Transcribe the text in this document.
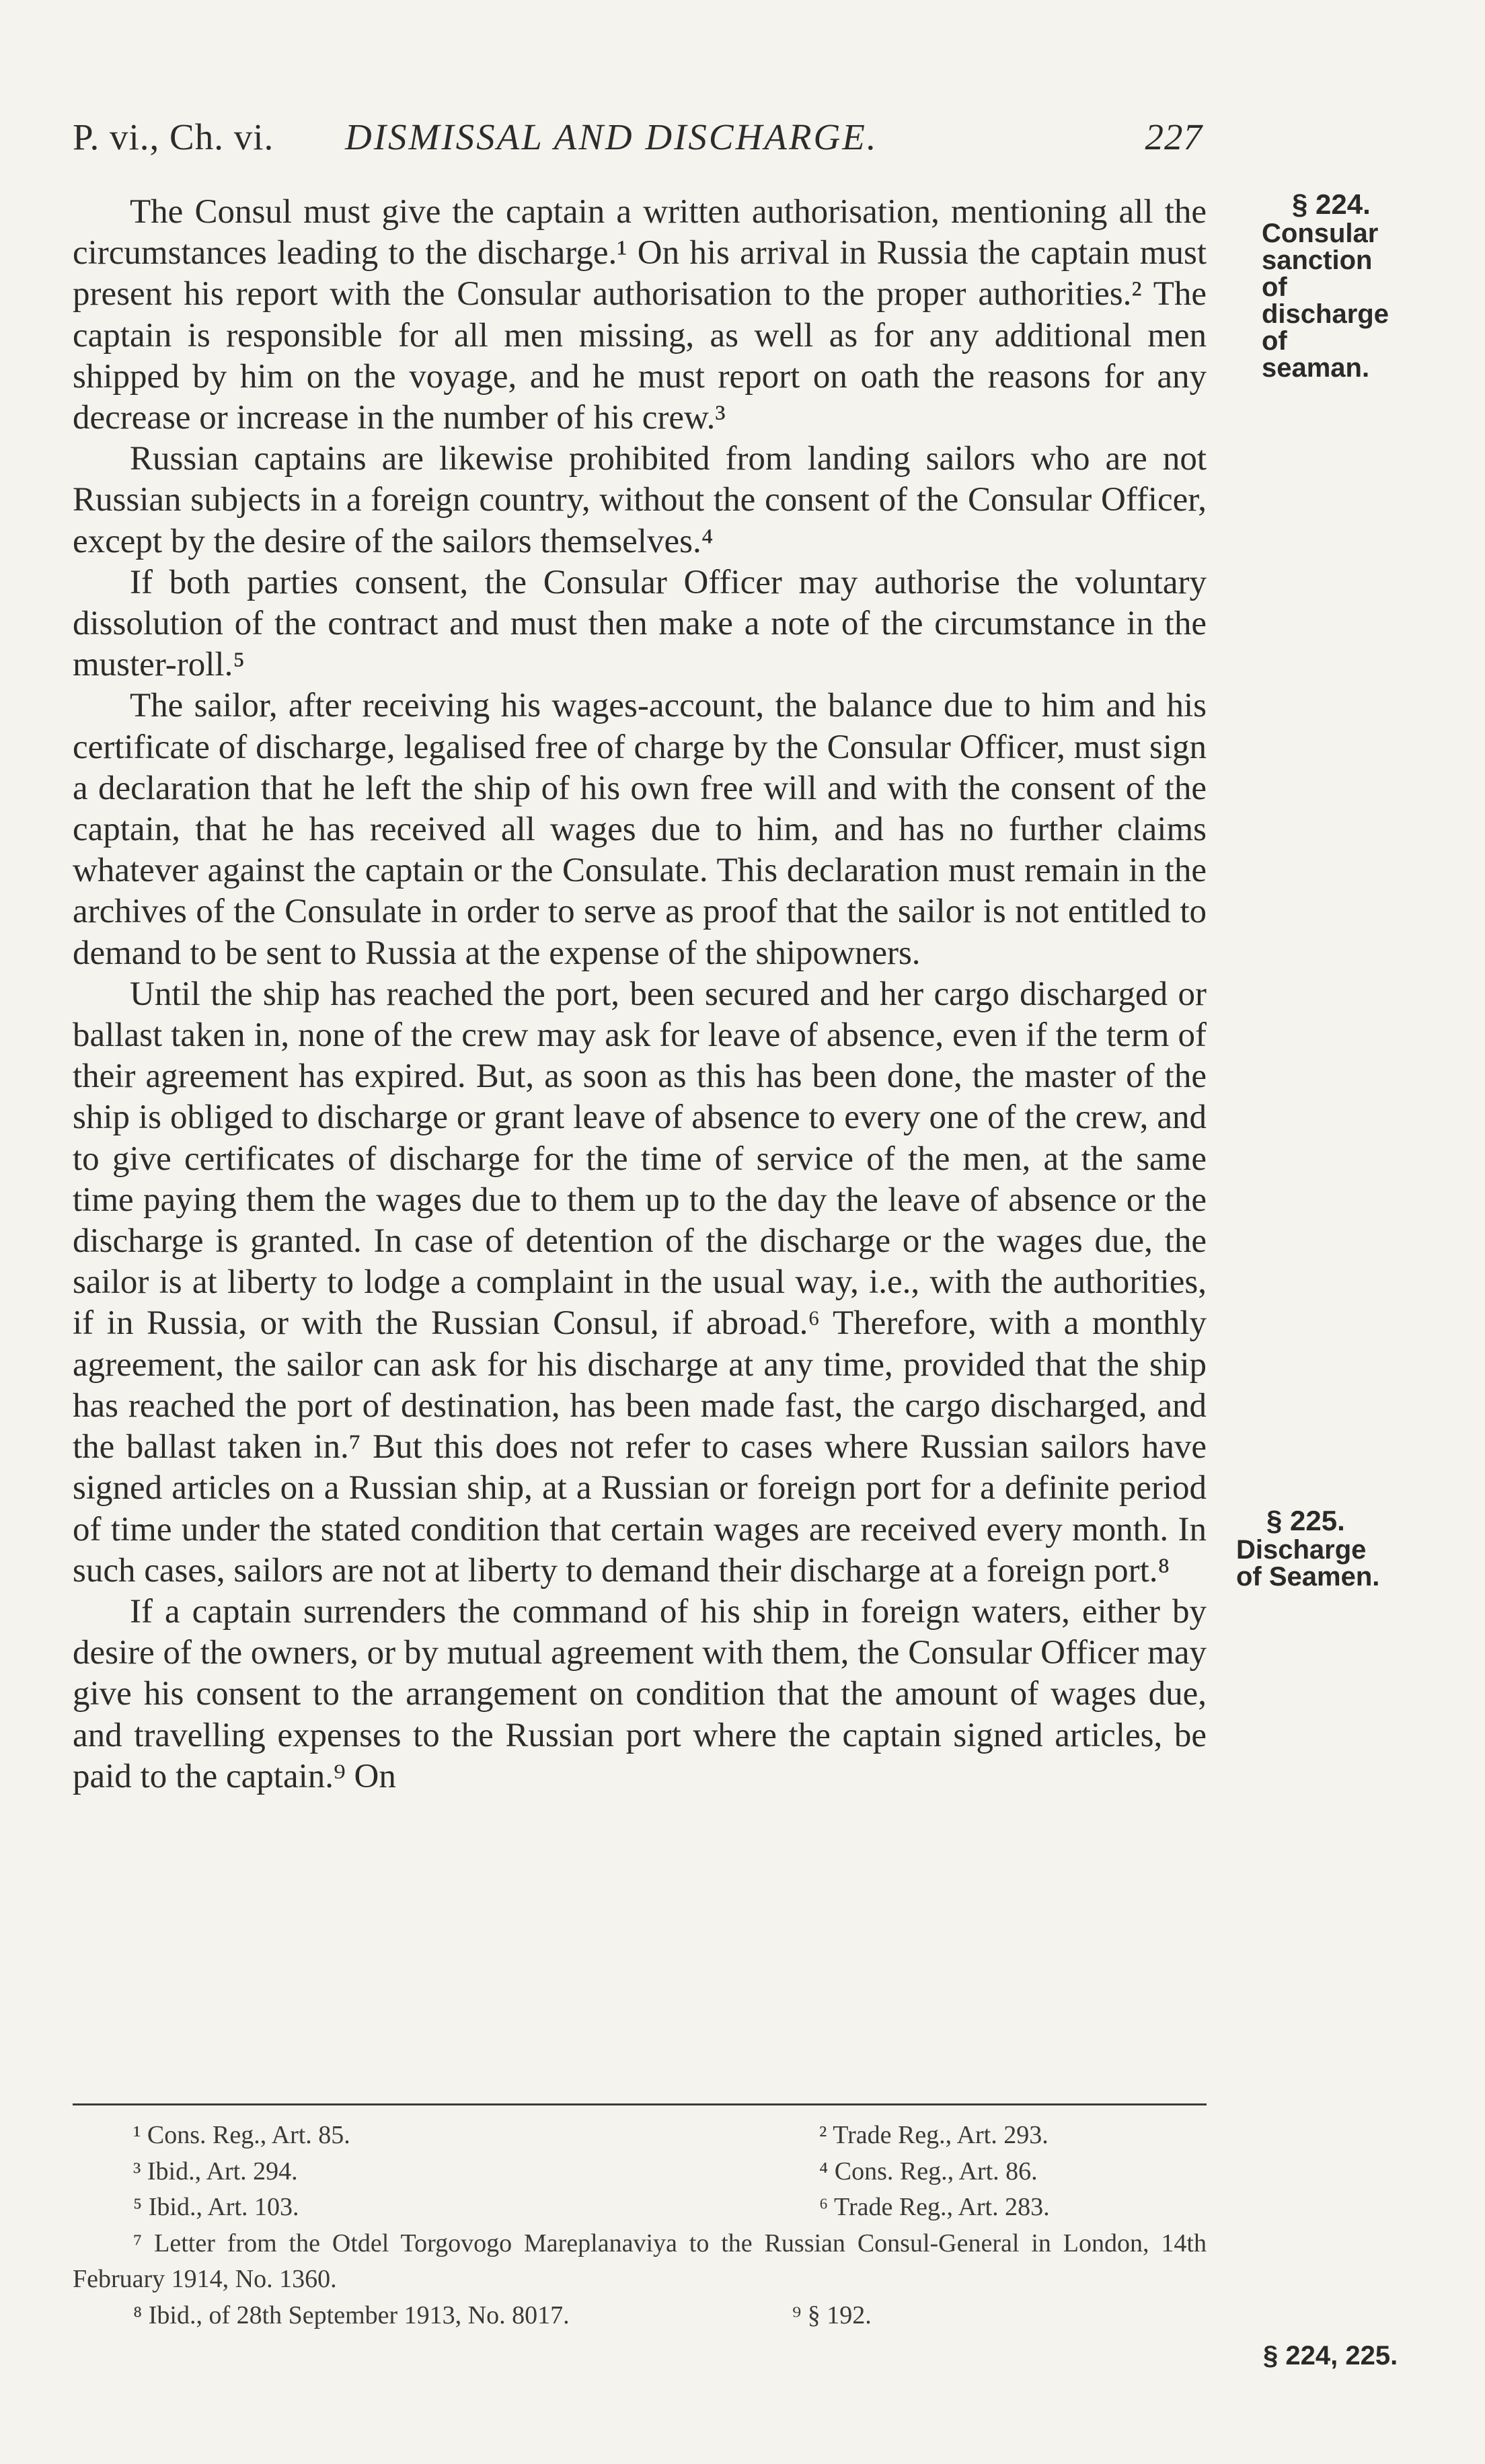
P. vi., Ch. vi. DISMISSAL AND DISCHARGE.	227
§ 224.
Consular
sanction of
discharge
of seaman.
§ 225.
Discharge
of Seamen.

The Consul must give the captain a written authorisation, mentioning all the circumstances leading to the discharge.¹ On his arrival in Russia the captain must present his report with the Consular authorisation to the proper authorities.² The captain is responsible for all men missing, as well as for any additional men shipped by him on the voyage, and he must report on oath the reasons for any decrease or increase in the number of his crew.³

Russian captains are likewise prohibited from landing sailors who are not Russian subjects in a foreign country, without the consent of the Consular Officer, except by the desire of the sailors themselves.⁴

If both parties consent, the Consular Officer may authorise the voluntary dissolution of the contract and must then make a note of the circumstance in the muster-roll.⁵

The sailor, after receiving his wages-account, the balance due to him and his certificate of discharge, legalised free of charge by the Consular Officer, must sign a declaration that he left the ship of his own free will and with the consent of the captain, that he has received all wages due to him, and has no further claims whatever against the captain or the Consulate. This declaration must remain in the archives of the Consulate in order to serve as proof that the sailor is not entitled to demand to be sent to Russia at the expense of the shipowners.

Until the ship has reached the port, been secured and her cargo discharged or ballast taken in, none of the crew may ask for leave of absence, even if the term of their agreement has expired. But, as soon as this has been done, the master of the ship is obliged to discharge or grant leave of absence to every one of the crew, and to give certificates of discharge for the time of service of the men, at the same time paying them the wages due to them up to the day the leave of absence or the discharge is granted. In case of detention of the discharge or the wages due, the sailor is at liberty to lodge a complaint in the usual way, i.e., with the authorities, if in Russia, or with the Russian Consul, if abroad.⁶ Therefore, with a monthly agreement, the sailor can ask for his discharge at any time, provided that the ship has reached the port of destination, has been made fast, the cargo discharged, and the ballast taken in.⁷ But this does not refer to cases where Russian sailors have signed articles on a Russian ship, at a Russian or foreign port for a definite period of time under the stated condition that certain wages are received every month. In such cases, sailors are not at liberty to demand their discharge at a foreign port.⁸

If a captain surrenders the command of his ship in foreign waters, either by desire of the owners, or by mutual agreement with them, the Consular Officer may give his consent to the arrangement on condition that the amount of wages due, and travelling expenses to the Russian port where the captain signed articles, be paid to the captain.⁹ On

¹ Cons. Reg., Art. 85.	² Trade Reg., Art. 293.
³ Ibid., Art. 294.	⁴ Cons. Reg., Art. 86.
⁵ Ibid., Art. 103.	⁶ Trade Reg., Art. 283.
⁷ Letter from the Otdel Torgovogo Mareplanaviya to the Russian Consul-General in London, 14th February 1914, No. 1360.
⁸ Ibid., of 28th September 1913, No. 8017.	⁹ § 192.
§ 224, 225.
